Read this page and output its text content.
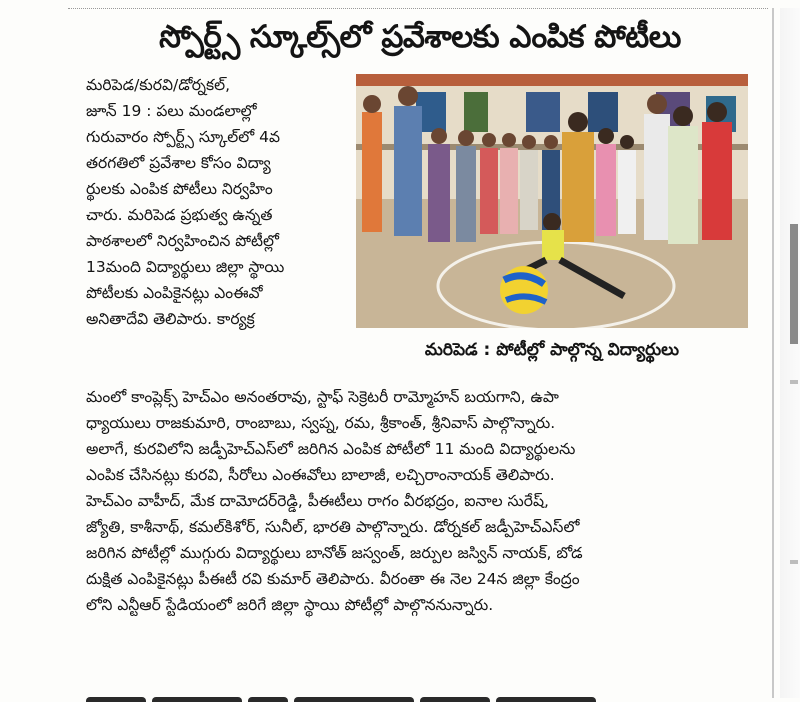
స్పోర్ట్స్ స్కూల్స్‌లో ప్రవేశాలకు ఎంపిక పోటీలు
మరిపెడ/కురవి/డోర్నకల్,
జూన్ 19 : పలు మండలాల్లో
గురువారం స్పోర్ట్స్ స్కూల్‌లో 4వ
తరగతిలో ప్రవేశాల కోసం విద్యా
ర్థులకు ఎంపిక పోటీలు నిర్వహిం
చారు. మరిపెడ ప్రభుత్వ ఉన్నత
పాఠశాలలో నిర్వహించిన పోటీల్లో
13మంది విద్యార్థులు జిల్లా స్థాయి
పోటీలకు ఎంపికైనట్లు ఎంఈవో
అనితాదేవి తెలిపారు. కార్యక్ర
మరిపెడ : పోటీల్లో పాల్గొన్న విద్యార్థులు
మంలో కాంప్లెక్స్ హెచ్ఎం అనంతరావు, స్టాఫ్ సెక్రెటరీ రామ్మోహన్ బయగాని, ఉపా
ధ్యాయులు రాజకుమారి, రాంబాబు, స్వప్న, రమ, శ్రీకాంత్, శ్రీనివాస్ పాల్గొన్నారు.
అలాగే, కురవిలోని జడ్పీహెచ్ఎస్‌లో జరిగిన ఎంపిక పోటీలో 11 మంది విద్యార్థులను
ఎంపిక చేసినట్లు కురవి, సీరోలు ఎంఈవోలు బాలాజీ, లచ్చిరాంనాయక్ తెలిపారు.
హెచ్ఎం వాహీద్, మేక దామోదర్‌రెడ్డి, పీఈటీలు రాగం వీరభద్రం, ఐనాల సురేష్,
జ్యోతి, కాశీనాథ్, కమల్‌కిశోర్, సునీల్, భారతి పాల్గొన్నారు. డోర్నకల్ జడ్పీహెచ్ఎస్‌లో
జరిగిన పోటీల్లో ముగ్గురు విద్యార్థులు బానోత్ జస్వంత్, జర్పుల జస్విన్ నాయక్, బోడ
దుక్షిత ఎంపికైనట్లు పీఈటీ రవి కుమార్ తెలిపారు. వీరంతా ఈ నెల 24న జిల్లా కేంద్రం
లోని ఎన్టీఆర్ స్టేడియంలో జరిగే జిల్లా స్థాయి పోటీల్లో పాల్గొననున్నారు.
